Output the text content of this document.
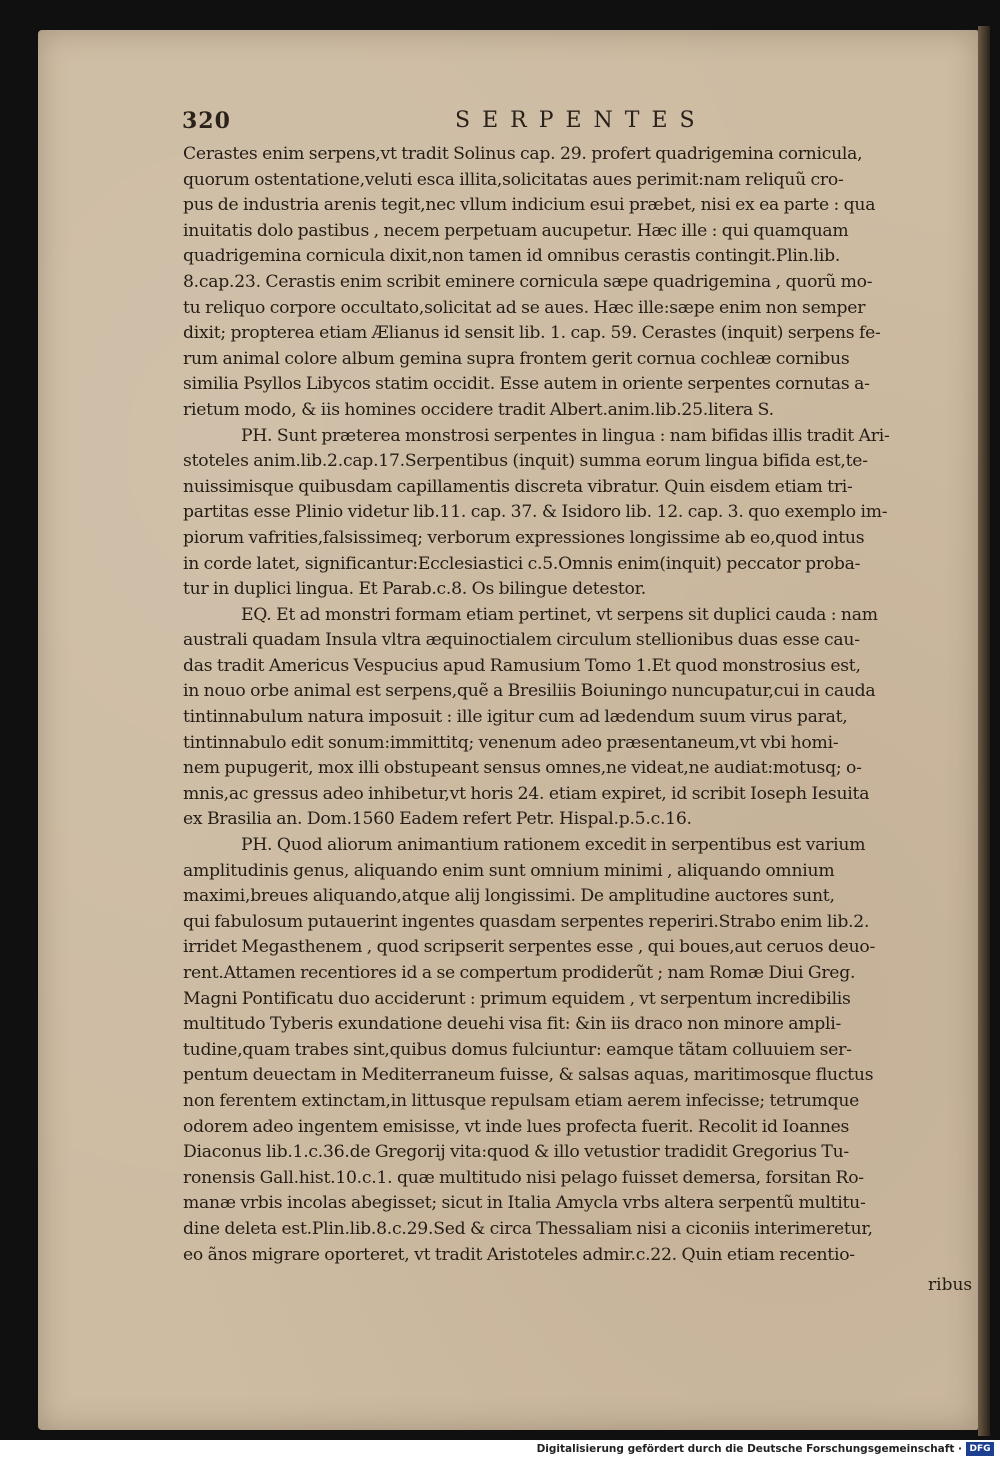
320	SERPENTES
Cerastes enim serpens,vt tradit Solinus cap. 29. profert quadrigemina cornicula,
quorum ostentatione,veluti esca illita,solicitatas aues perimit:nam reliquũ cro-
pus de industria arenis tegit,nec vllum indicium esui præbet, nisi ex ea parte : qua
inuitatis dolo pastibus , necem perpetuam aucupetur. Hæc ille : qui quamquam
quadrigemina cornicula dixit,non tamen id omnibus cerastis contingit.Plin.lib.
8.cap.23. Cerastis enim scribit eminere cornicula sæpe quadrigemina , quorũ mo-
tu reliquo corpore occultato,solicitat ad se aues. Hæc ille:sæpe enim non semper
dixit; propterea etiam Ælianus id sensit lib. 1. cap. 59. Cerastes (inquit) serpens fe-
rum animal colore album gemina supra frontem gerit cornua cochleæ cornibus
similia Psyllos Libycos statim occidit. Esse autem in oriente serpentes cornutas a-
rietum modo, & iis homines occidere tradit Albert.anim.lib.25.litera S.
PH. Sunt præterea monstrosi serpentes in lingua : nam bifidas illis tradit Ari-
stoteles anim.lib.2.cap.17.Serpentibus (inquit) summa eorum lingua bifida est,te-
nuissimisque quibusdam capillamentis discreta vibratur. Quin eisdem etiam tri-
partitas esse Plinio videtur lib.11. cap. 37. & Isidoro lib. 12. cap. 3. quo exemplo im-
piorum vafrities,falsissimeq; verborum expressiones longissime ab eo,quod intus
in corde latet, significantur:Ecclesiastici c.5.Omnis enim(inquit) peccator proba-
tur in duplici lingua. Et Parab.c.8. Os bilingue detestor.
EQ. Et ad monstri formam etiam pertinet, vt serpens sit duplici cauda : nam
australi quadam Insula vltra æquinoctialem circulum stellionibus duas esse cau-
das tradit Americus Vespucius apud Ramusium Tomo 1.Et quod monstrosius est,
in nouo orbe animal est serpens,quẽ a Bresiliis Boiuningo nuncupatur,cui in cauda
tintinnabulum natura imposuit : ille igitur cum ad lædendum suum virus parat,
tintinnabulo edit sonum:immittitq; venenum adeo præsentaneum,vt vbi homi-
nem pupugerit, mox illi obstupeant sensus omnes,ne videat,ne audiat:motusq; o-
mnis,ac gressus adeo inhibetur,vt horis 24. etiam expiret, id scribit Ioseph Iesuita
ex Brasilia an. Dom.1560 Eadem refert Petr. Hispal.p.5.c.16.
PH. Quod aliorum animantium rationem excedit in serpentibus est varium
amplitudinis genus, aliquando enim sunt omnium minimi , aliquando omnium
maximi,breues aliquando,atque alij longissimi. De amplitudine auctores sunt,
qui fabulosum putauerint ingentes quasdam serpentes reperiri.Strabo enim lib.2.
irridet Megasthenem , quod scripserit serpentes esse , qui boues,aut ceruos deuo-
rent.Attamen recentiores id a se compertum prodiderũt ; nam Romæ Diui Greg.
Magni Pontificatu duo acciderunt : primum equidem , vt serpentum incredibilis
multitudo Tyberis exundatione deuehi visa fit: &in iis draco non minore ampli-
tudine,quam trabes sint,quibus domus fulciuntur: eamque tãtam colluuiem ser-
pentum deuectam in Mediterraneum fuisse, & salsas aquas, maritimosque fluctus
non ferentem extinctam,in littusque repulsam etiam aerem infecisse; tetrumque
odorem adeo ingentem emisisse, vt inde lues profecta fuerit. Recolit id Ioannes
Diaconus lib.1.c.36.de Gregorij vita:quod & illo vetustior tradidit Gregorius Tu-
ronensis Gall.hist.10.c.1. quæ multitudo nisi pelago fuisset demersa, forsitan Ro-
manæ vrbis incolas abegisset; sicut in Italia Amycla vrbs altera serpentũ multitu-
dine deleta est.Plin.lib.8.c.29.Sed & circa Thessaliam nisi a ciconiis interimeretur,
eo ãnos migrare oporteret, vt tradit Aristoteles admir.c.22. Quin etiam recentio-
ribus
Digitalisierung gefördert durch die Deutsche Forschungsgemeinschaft · DFG
